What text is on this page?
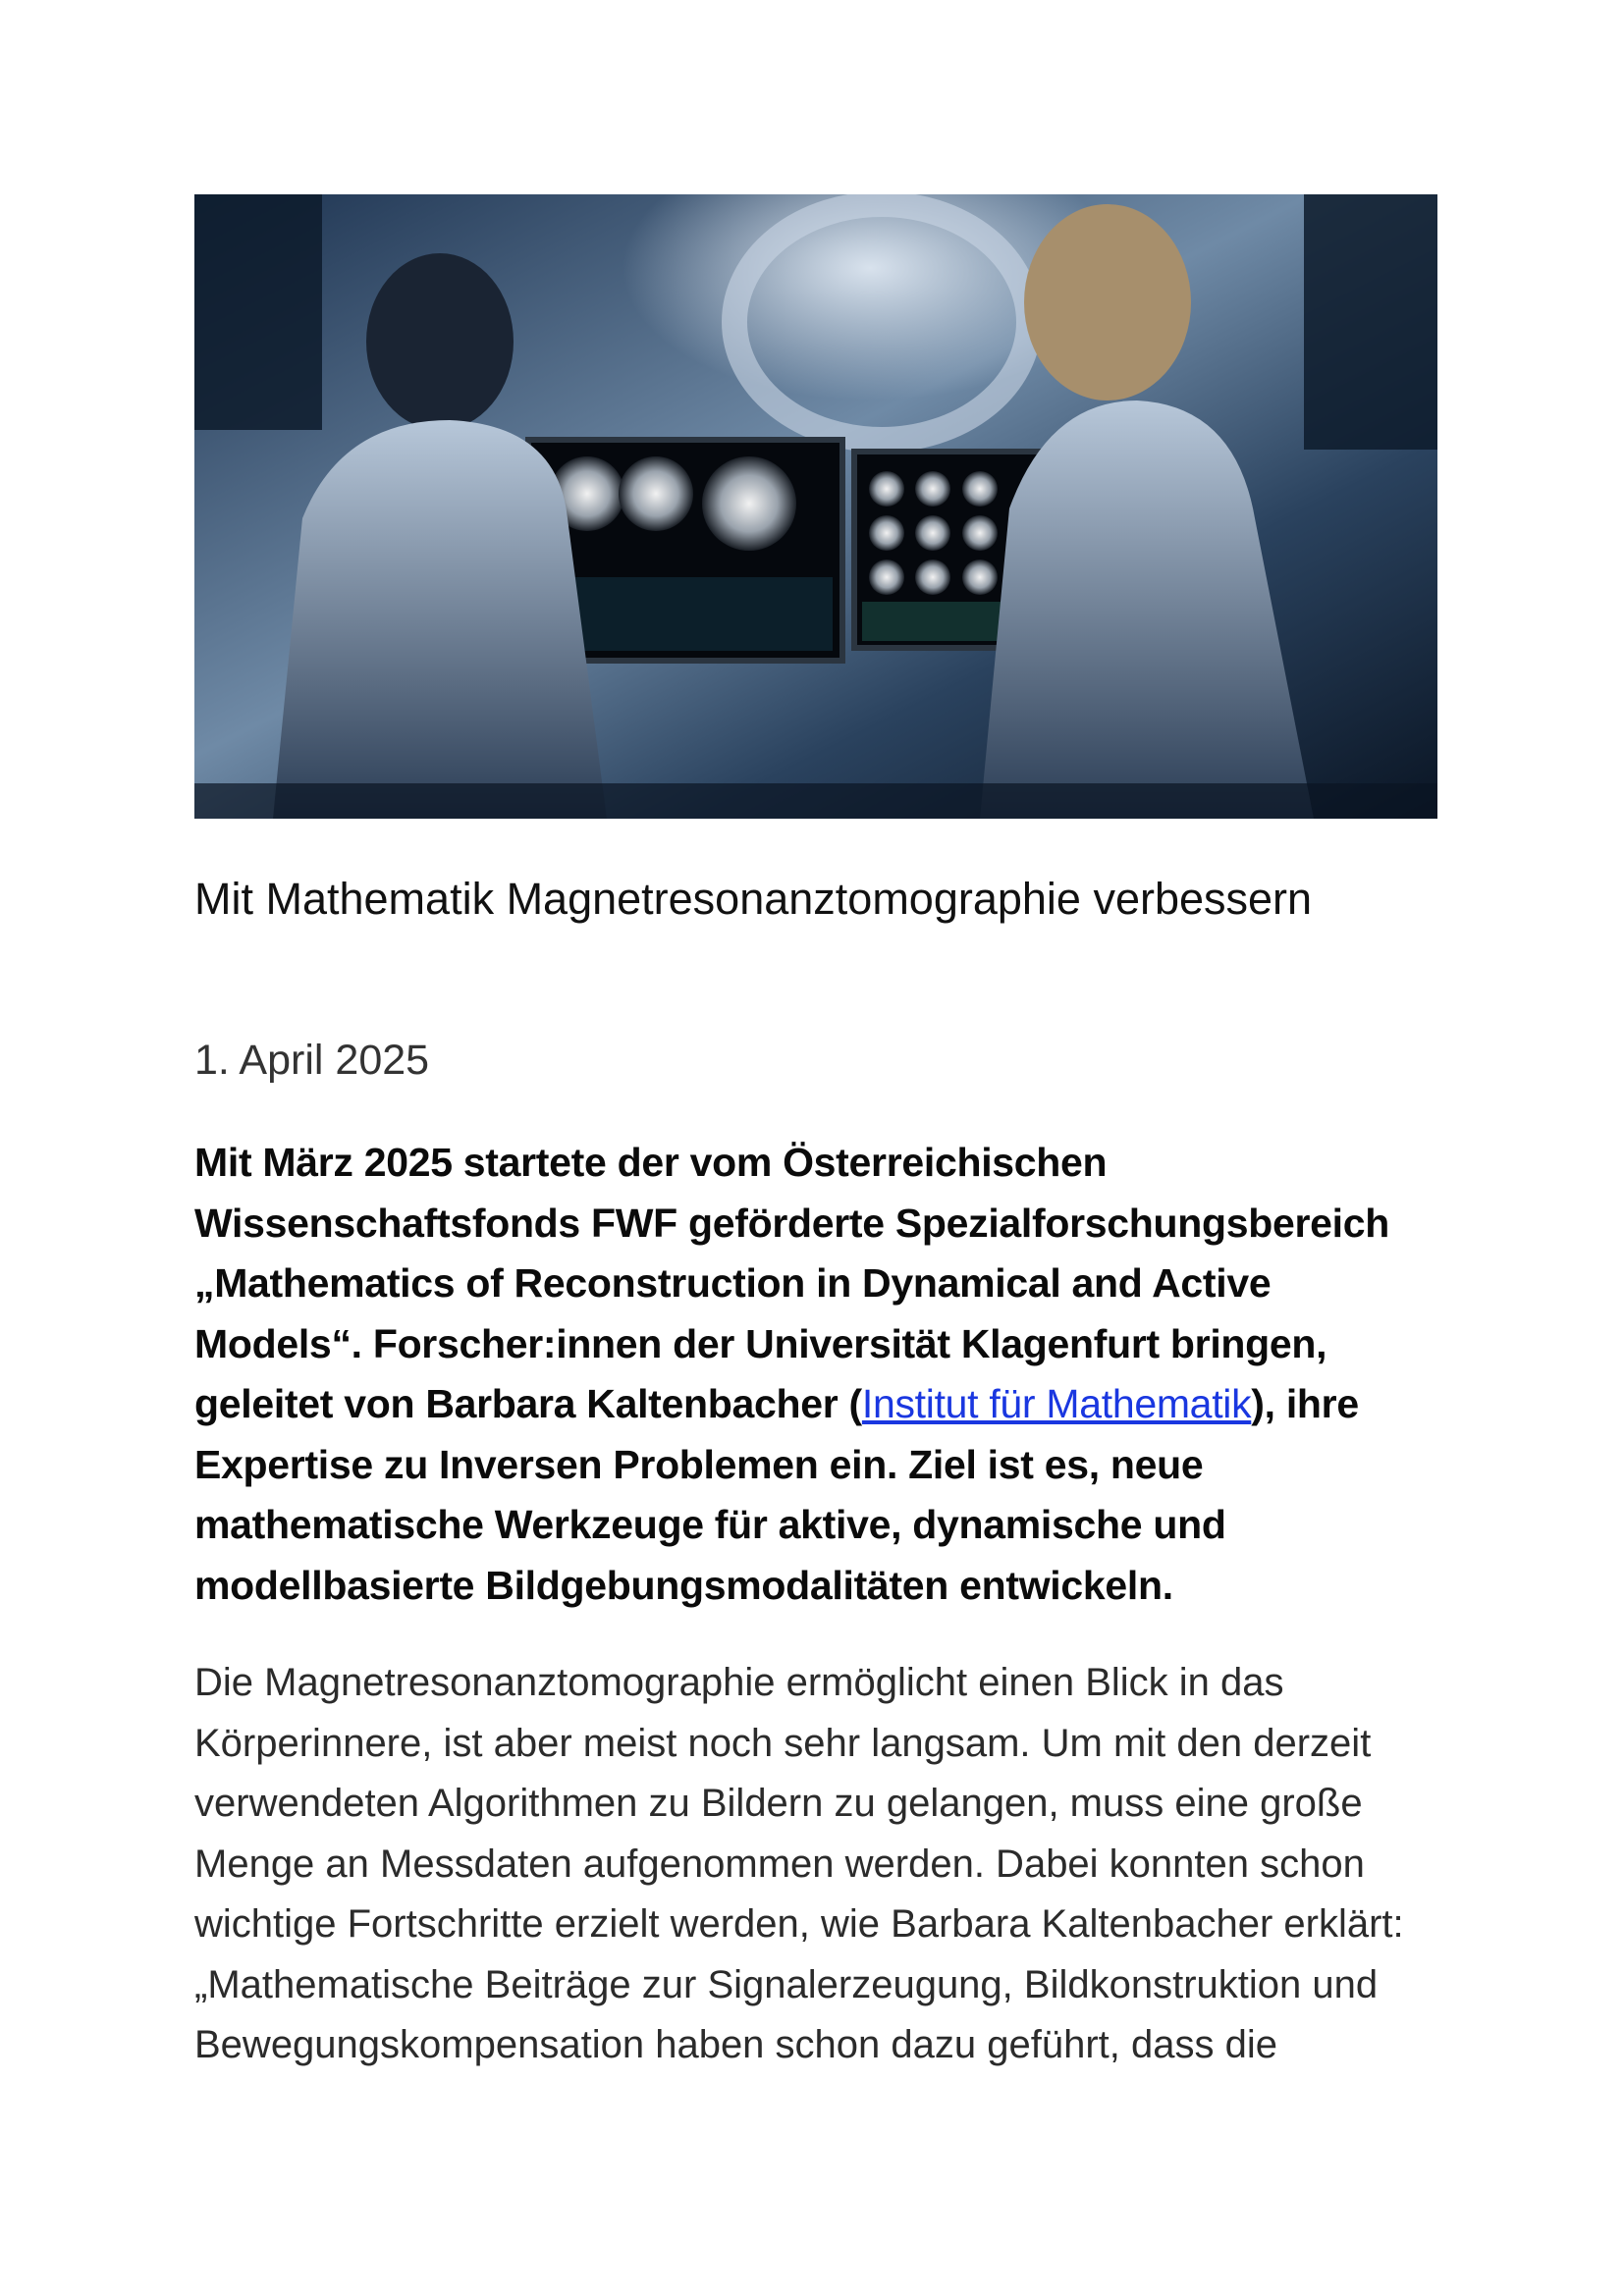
Mit Mathematik Magnetresonanztomographie verbessern
1. April 2025

Mit März 2025 startete der vom Österreichischen Wissenschaftsfonds FWF geförderte Spezialforschungsbereich „Mathematics of Reconstruction in Dynamical and Active Models“. Forscher:innen der Universität Klagenfurt bringen, geleitet von Barbara Kaltenbacher (Institut für Mathematik), ihre Expertise zu Inversen Problemen ein. Ziel ist es, neue mathematische Werkzeuge für aktive, dynamische und modellbasierte Bildgebungsmodalitäten entwickeln.

Die Magnetresonanztomographie ermöglicht einen Blick in das Körperinnere, ist aber meist noch sehr langsam. Um mit den derzeit verwendeten Algorithmen zu Bildern zu gelangen, muss eine große Menge an Messdaten aufgenommen werden. Dabei konnten schon wichtige Fortschritte erzielt werden, wie Barbara Kaltenbacher erklärt: „Mathematische Beiträge zur Signalerzeugung, Bildkonstruktion und Bewegungskompensation haben schon dazu geführt, dass die
